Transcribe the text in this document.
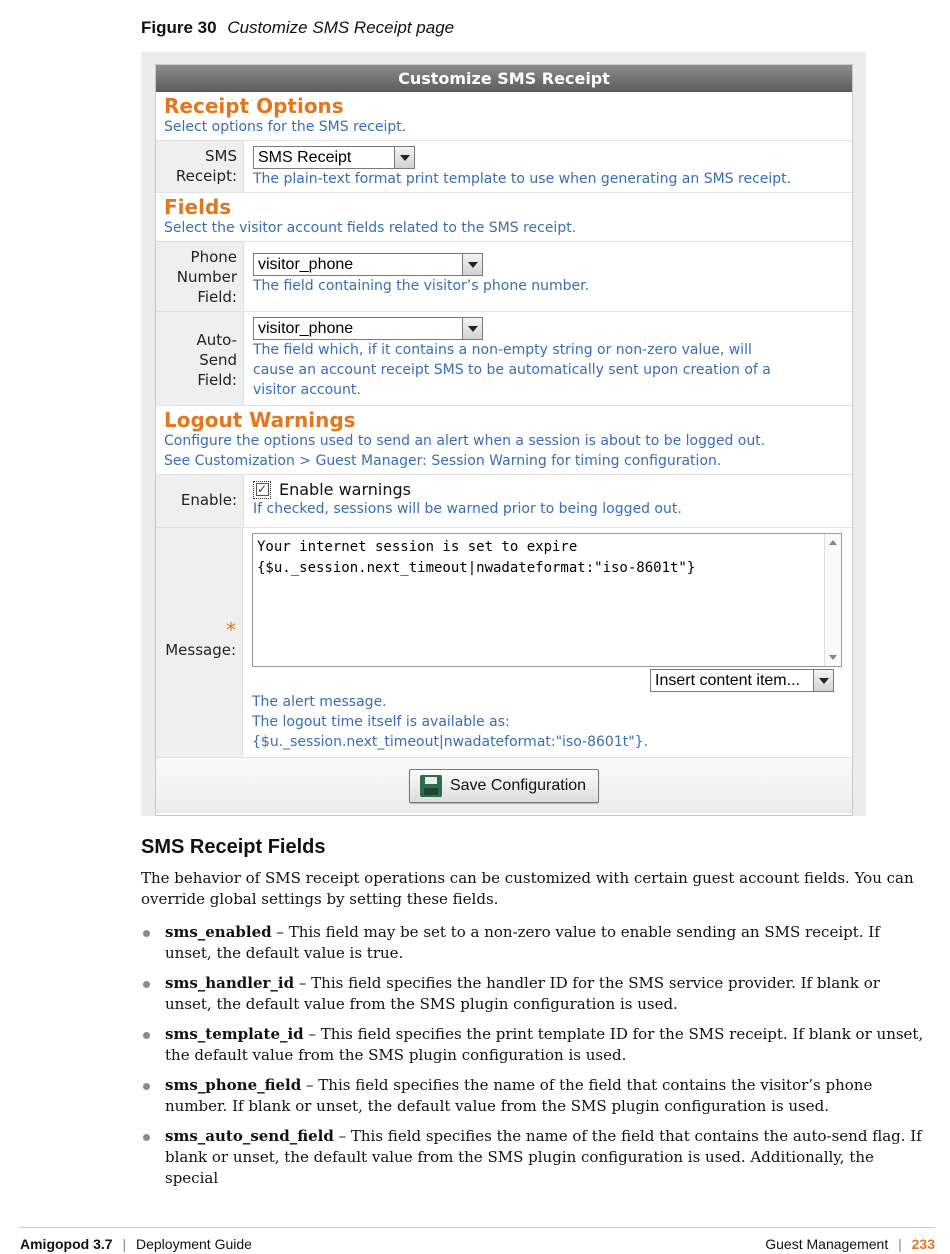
Figure 30 Customize SMS Receipt page
Customize SMS Receipt
Receipt Options
Select options for the SMS receipt.
SMS
Receipt:
SMS Receipt
The plain-text format print template to use when generating an SMS receipt.
Fields
Select the visitor account fields related to the SMS receipt.
Phone
Number
Field:
visitor_phone
The field containing the visitor’s phone number.
Auto-
Send
Field:
visitor_phone
The field which, if it contains a non-empty string or non-zero value, will
cause an account receipt SMS to be automatically sent upon creation of a
visitor account.
Logout Warnings
Configure the options used to send an alert when a session is about to be logged out.
See Customization > Guest Manager: Session Warning for timing configuration.
Enable:
✓ Enable warnings
If checked, sessions will be warned prior to being logged out.
*
Message:
Your internet session is set to expire
{$u._session.next_timeout|nwadateformat:"iso-8601t"}
Insert content item...
The alert message.
The logout time itself is available as:
{$u._session.next_timeout|nwadateformat:"iso-8601t"}.
Save Configuration
SMS Receipt Fields
The behavior of SMS receipt operations can be customized with certain guest account fields. You can override global settings by setting these fields.
sms_enabled – This field may be set to a non-zero value to enable sending an SMS receipt. If unset, the default value is true.
sms_handler_id – This field specifies the handler ID for the SMS service provider. If blank or unset, the default value from the SMS plugin configuration is used.
sms_template_id – This field specifies the print template ID for the SMS receipt. If blank or unset, the default value from the SMS plugin configuration is used.
sms_phone_field – This field specifies the name of the field that contains the visitor’s phone number. If blank or unset, the default value from the SMS plugin configuration is used.
sms_auto_send_field – This field specifies the name of the field that contains the auto-send flag. If blank or unset, the default value from the SMS plugin configuration is used. Additionally, the special
Amigopod 3.7 | Deployment Guide	Guest Management | 233
